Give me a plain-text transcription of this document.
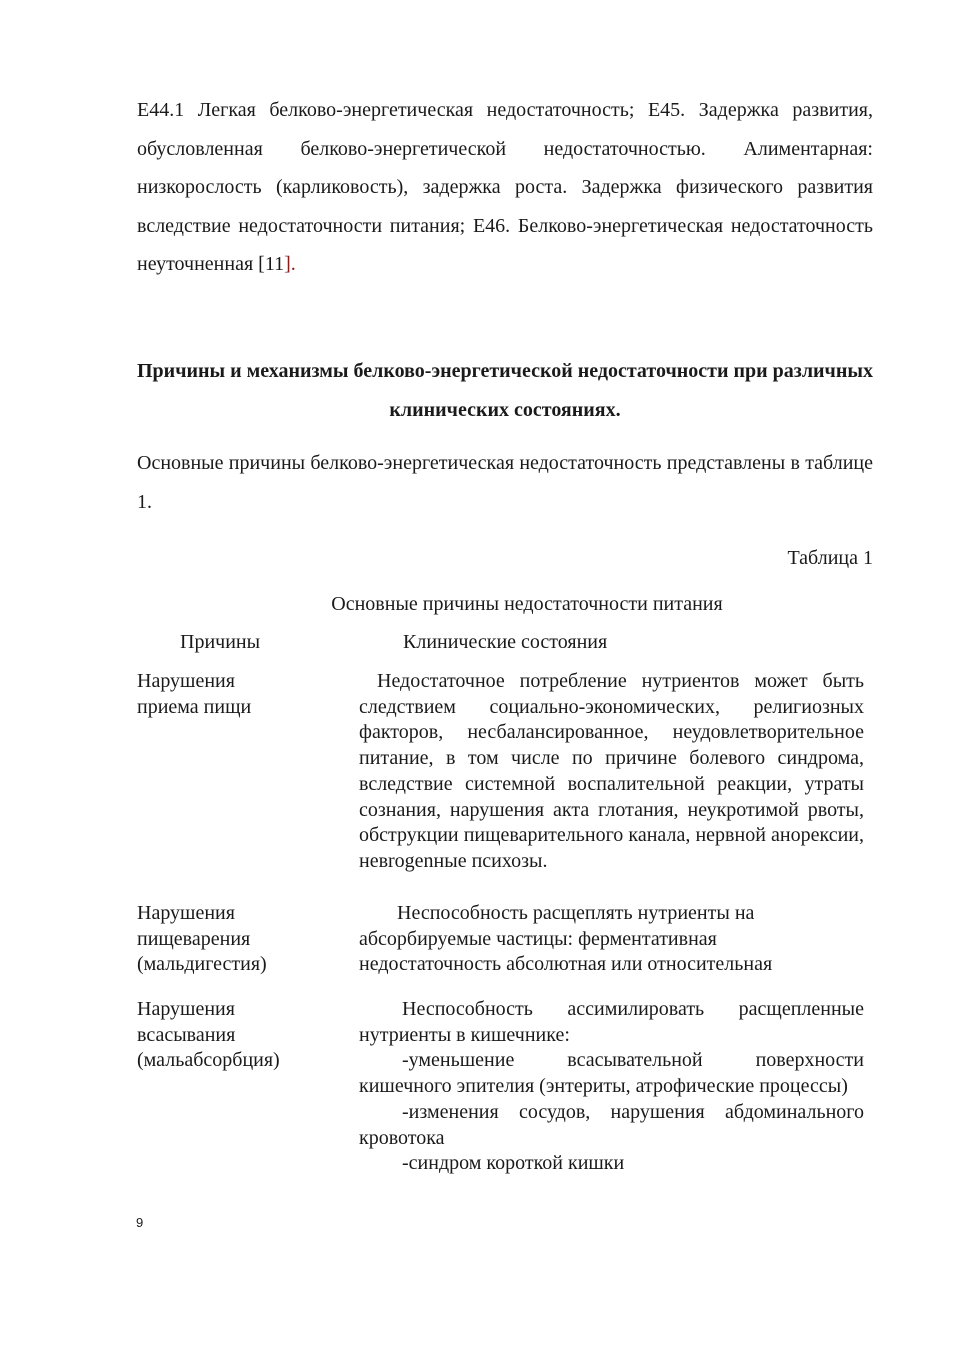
E44.1 Легкая белково-энергетическая недостаточность; E45. Задержка развития, обусловленная белково-энергетической недостаточностью. Алиментарная: низкорослость (карликовость), задержка роста. Задержка физического развития вследствие недостаточности питания; E46. Белково-энергетическая недостаточность неуточненная [11].

Причины и механизмы белково-энергетической недостаточности при различных клинических состояниях.

Основные причины белково-энергетическая недостаточность представлены в таблице 1.

Таблица 1

Основные причины недостаточности питания

Причины	Клинические состояния

Нарушения
приема пищи

Недостаточное потребление нутриентов может быть следствием социально-экономических, религиозных факторов, несбалансированное, неудовлетворительное питание, в том числе по причине болевого синдрома, вследствие системной воспалительной реакции, утраты сознания, нарушения акта глотания, неукротимой рвоты, обструкции пищеварительного канала, нервной анорексии, невrogenные психозы.

Нарушения
пищеварения
(мальдигестия)

Неспособность расщеплять нутриенты на абсорбируемые частицы: ферментативная недостаточность абсолютная или относительная

Нарушения
всасывания
(мальабсорбция)

Неспособность ассимилировать расщепленные нутриенты в кишечнике:

-уменьшение всасывательной поверхности кишечного эпителия (энтериты, атрофические процессы)

-изменения сосудов, нарушения абдоминального кровотока

-синдром короткой кишки

9
